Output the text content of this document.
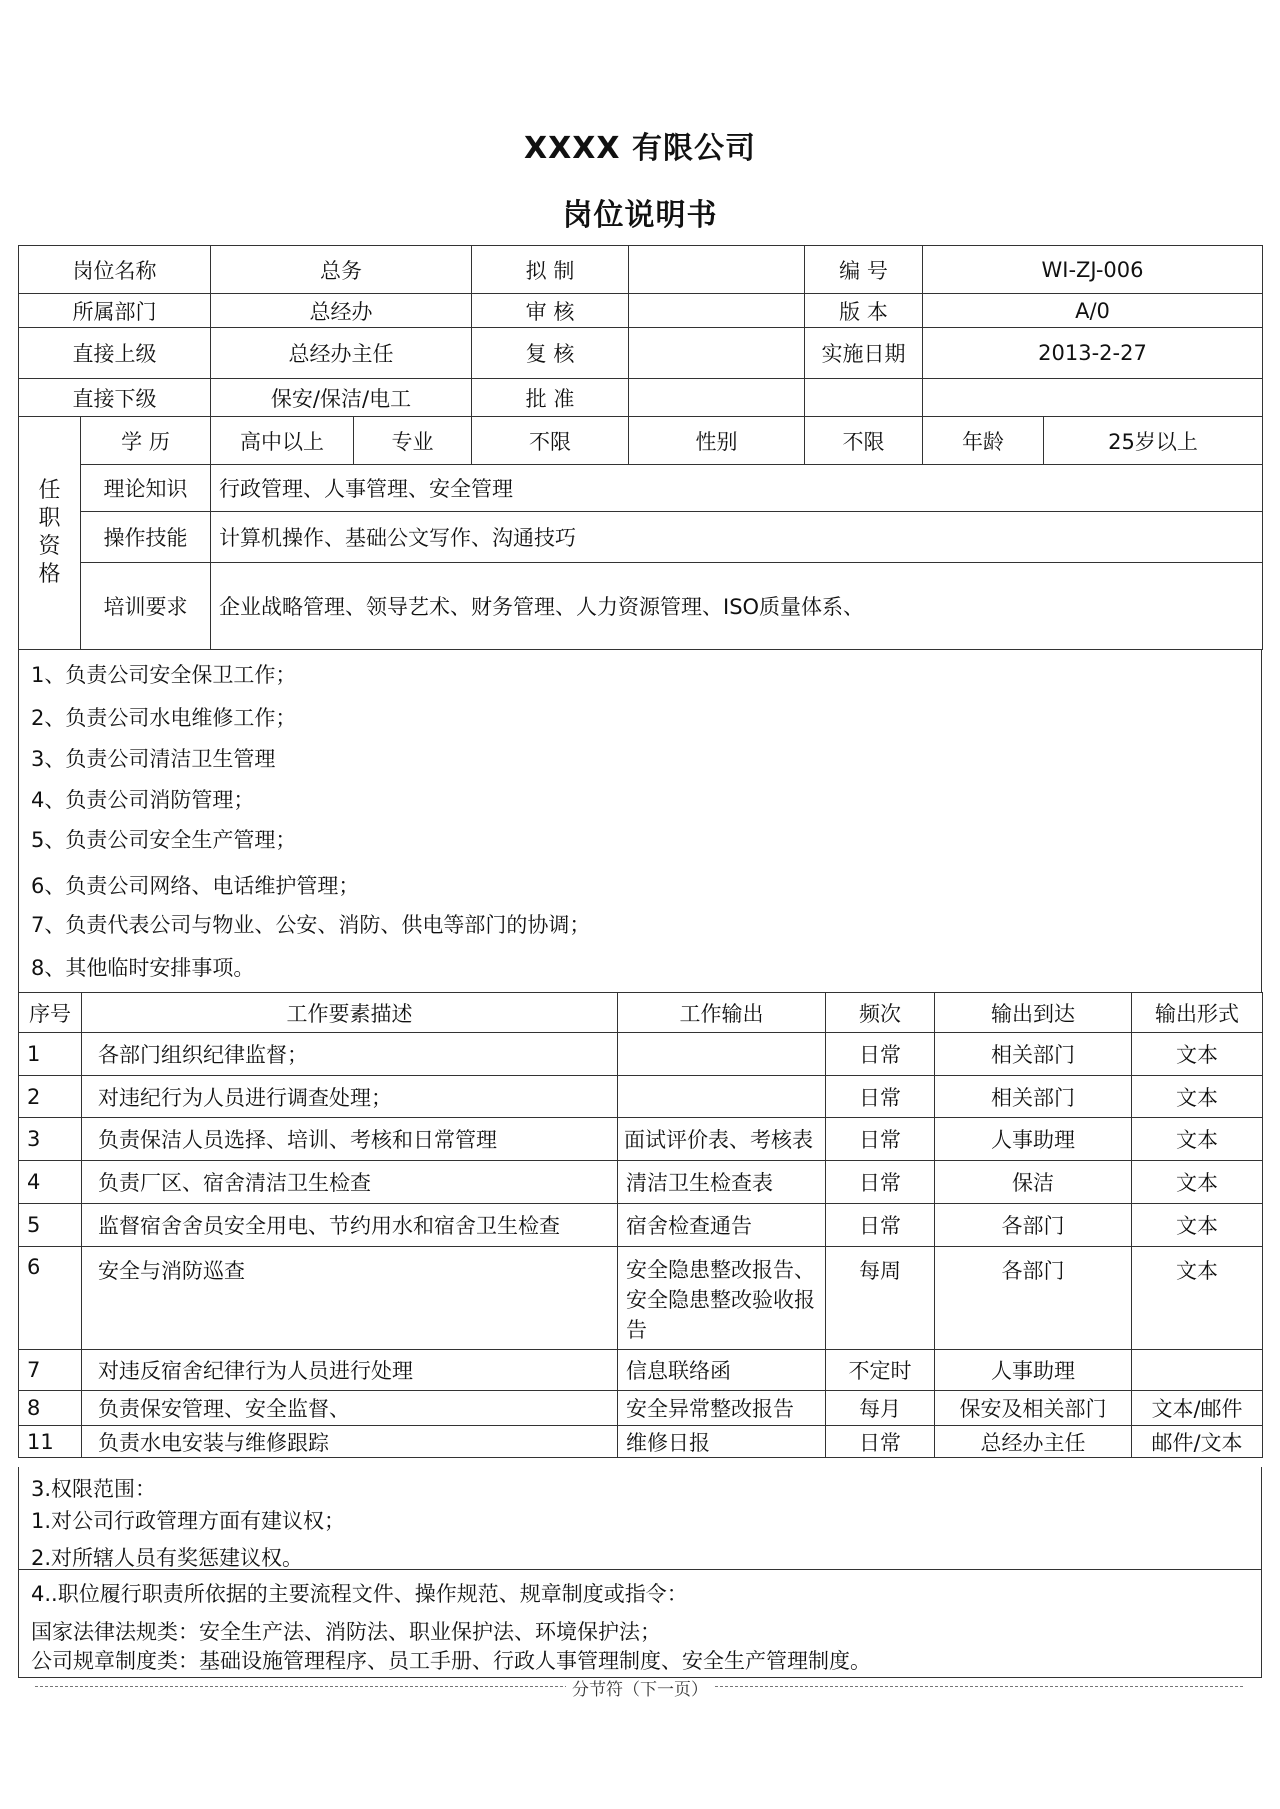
XXXX 有限公司
岗位说明书
岗位名称		总务		拟 制		编 号	WI-ZJ-006	
所属部门		总经办		审 核		版 本	A/0	
直接上级		总经办主任		复 核		实施日期	2013-2-27	
直接下级		保安/保洁/电工		批 准				

任
职
资
格	学 历	高中以上	专业	不限	性别	不限	年龄	25岁以上
	理论知识	行政管理、人事管理、安全管理						
	操作技能	计算机操作、基础公文写作、沟通技巧						
	培训要求	企业战略管理、领导艺术、财务管理、人力资源管理、ISO质量体系、						
1、负责公司安全保卫工作；
2、负责公司水电维修工作；
3、负责公司清洁卫生管理
4、负责公司消防管理；
5、负责公司安全生产管理；
6、负责公司网络、电话维护管理；
7、负责代表公司与物业、公安、消防、供电等部门的协调；
8、其他临时安排事项。
序号	工作要素描述	工作输出	频次	输出到达	输出形式
1	各部门组织纪律监督；		日常	相关部门	文本
2	对违纪行为人员进行调查处理；		日常	相关部门	文本
3	负责保洁人员选择、培训、考核和日常管理	面试评价表、考核表	日常	人事助理	文本
4	负责厂区、宿舍清洁卫生检查	清洁卫生检查表	日常	保洁	文本
5	监督宿舍舍员安全用电、节约用水和宿舍卫生检查	宿舍检查通告	日常	各部门	文本
6	安全与消防巡查	安全隐患整改报告、安全隐患整改验收报告	每周	各部门	文本
7	对违反宿舍纪律行为人员进行处理	信息联络函	不定时	人事助理	
8	负责保安管理、安全监督、	安全异常整改报告	每月	保安及相关部门	文本/邮件
11	负责水电安装与维修跟踪	维修日报	日常	总经办主任	邮件/文本
3.权限范围：
1.对公司行政管理方面有建议权；
2.对所辖人员有奖惩建议权。
4..职位履行职责所依据的主要流程文件、操作规范、规章制度或指令：
国家法律法规类：安全生产法、消防法、职业保护法、环境保护法；
公司规章制度类：基础设施管理程序、员工手册、行政人事管理制度、安全生产管理制度。
分节符（下一页）
